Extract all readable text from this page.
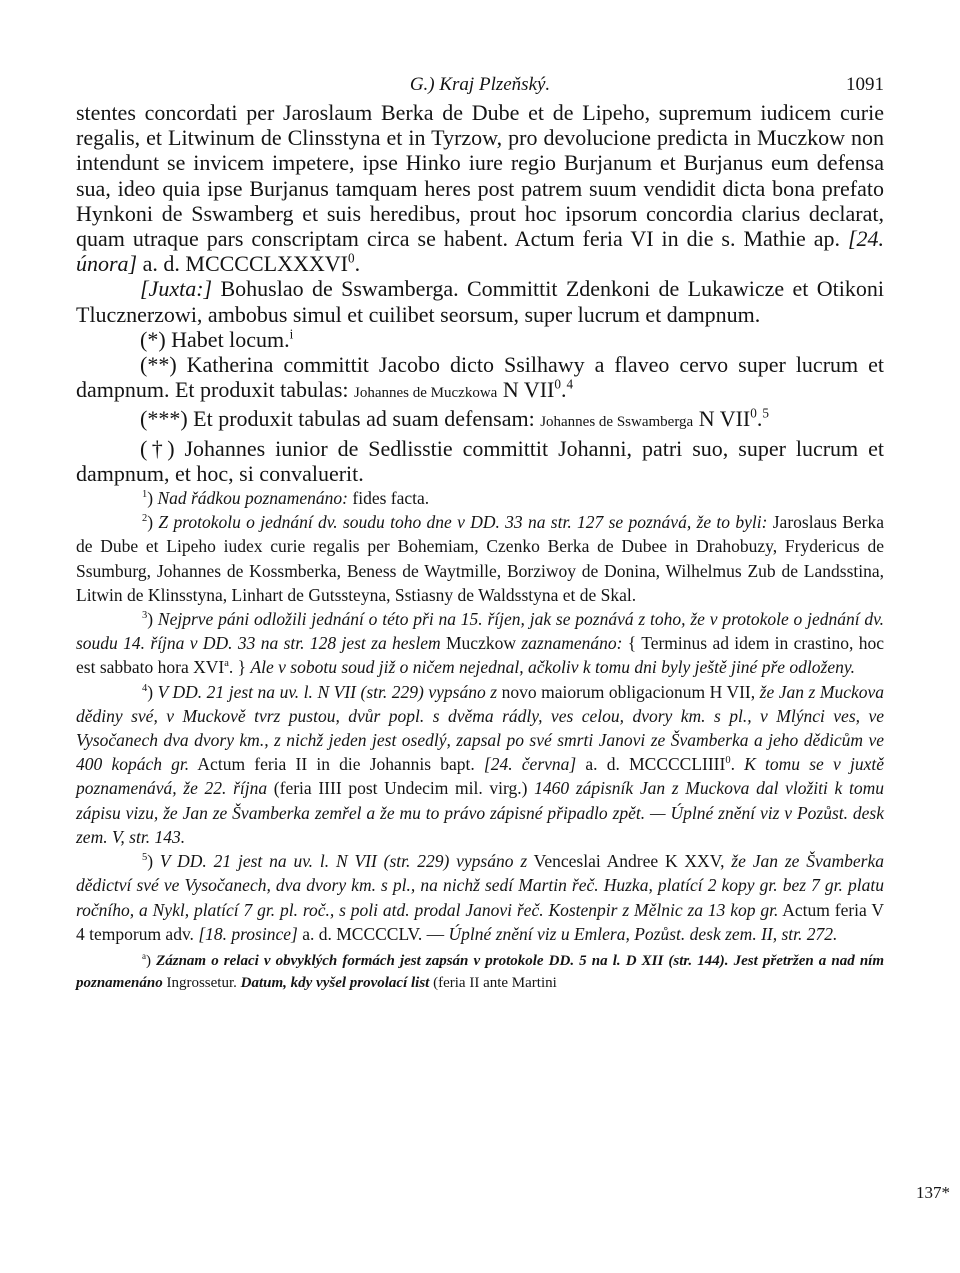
G.) Kraj Plzeňský.	1091

stentes concordati per Jaroslaum Berka de Dube et de Lipeho, supremum iudicem curie regalis, et Litwinum de Clinsstyna et in Tyrzow, pro devolucione predicta in Muczkow non intendunt se invicem impetere, ipse Hinko iure regio Burjanum et Burjanus eum defensa sua, ideo quia ipse Burjanus tamquam heres post patrem suum vendidit dicta bona prefato Hynkoni de Sswamberg et suis heredibus, prout hoc ipsorum concordia clarius declarat, quam utraque pars conscriptam circa se habent. Actum feria VI in die s. Mathie ap. [24. února] a. d. MCCCCLXXXVI$^0$.

[Juxta:] Bohuslao de Sswamberga. Committit Zdenkoni de Lukawicze et Otikoni Tlucznerzowi, ambobus simul et cuilibet seorsum, super lucrum et dampnum.

(*) Habet locum.$^i$

(**) Katherina committit Jacobo dicto Ssilhawy a flaveo cervo super lucrum et dampnum. Et produxit tabulas: Johannes de Muczkowa N VII$^0$.$^4$

(***) Et produxit tabulas ad suam defensam: Johannes de Sswamberga N VII$^0$.$^5$

(†) Johannes iunior de Sedlisstie committit Johanni, patri suo, super lucrum et dampnum, et hoc, si convaluerit.

$^1$) Nad řádkou poznamenáno: fides facta.

$^2$) Z protokolu o jednání dv. soudu toho dne v DD. 33 na str. 127 se poznává, že to byli: Jaroslaus Berka de Dube et Lipeho iudex curie regalis per Bohemiam, Czenko Berka de Dubee in Drahobuzy, Frydericus de Ssumburg, Johannes de Kossmberka, Beness de Waytmille, Borziwoy de Donina, Wilhelmus Zub de Landsstina, Litwin de Klinsstyna, Linhart de Gutssteyna, Sstiasny de Waldsstyna et de Skal.

$^3$) Nejprve páni odložili jednání o této při na 15. říjen, jak se poznává z toho, že v protokole o jednání dv. soudu 14. října v DD. 33 na str. 128 jest za heslem Muczkow zaznamenáno: { Terminus ad idem in crastino, hoc est sabbato hora XVI$^a$. } Ale v sobotu soud již o ničem nejednal, ačkoliv k tomu dni byly ještě jiné pře odloženy.

$^4$) V DD. 21 jest na uv. l. N VII (str. 229) vypsáno z novo maiorum obligacionum H VII, že Jan z Muckova dědiny své, v Muckově tvrz pustou, dvůr popl. s dvěma rádly, ves celou, dvory km. s pl., v Mlýnci ves, ve Vysočanech dva dvory km., z nichž jeden jest osedlý, zapsal po své smrti Janovi ze Švamberka a jeho dědicům ve 400 kopách gr. Actum feria II in die Johannis bapt. [24. června] a. d. MCCCCLIIII$^0$. K tomu se v juxtě poznamenává, že 22. října (feria IIII post Undecim mil. virg.) 1460 zápisník Jan z Muckova dal vložiti k tomu zápisu vizu, že Jan ze Švamberka zemřel a že mu to právo zápisné připadlo zpět. — Úplné znění viz v Pozůst. desk zem. V, str. 143.

$^5$) V DD. 21 jest na uv. l. N VII (str. 229) vypsáno z Venceslai Andree K XXV, že Jan ze Švamberka dědictví své ve Vysočanech, dva dvory km. s pl., na nichž sedí Martin řeč. Huzka, platící 2 kopy gr. bez 7 gr. platu ročního, a Nykl, platící 7 gr. pl. roč., s poli atd. prodal Janovi řeč. Kostenpir z Mělnic za 13 kop gr. Actum feria V 4 temporum adv. [18. prosince] a. d. MCCCCLV. — Úplné znění viz u Emlera, Pozůst. desk zem. II, str. 272.

$^a$) Záznam o relaci v obvyklých formách jest zapsán v protokole DD. 5 na l. D XII (str. 144). Jest přetržen a nad ním poznamenáno Ingrossetur. Datum, kdy vyšel provolací list (feria II ante Martini

137*
